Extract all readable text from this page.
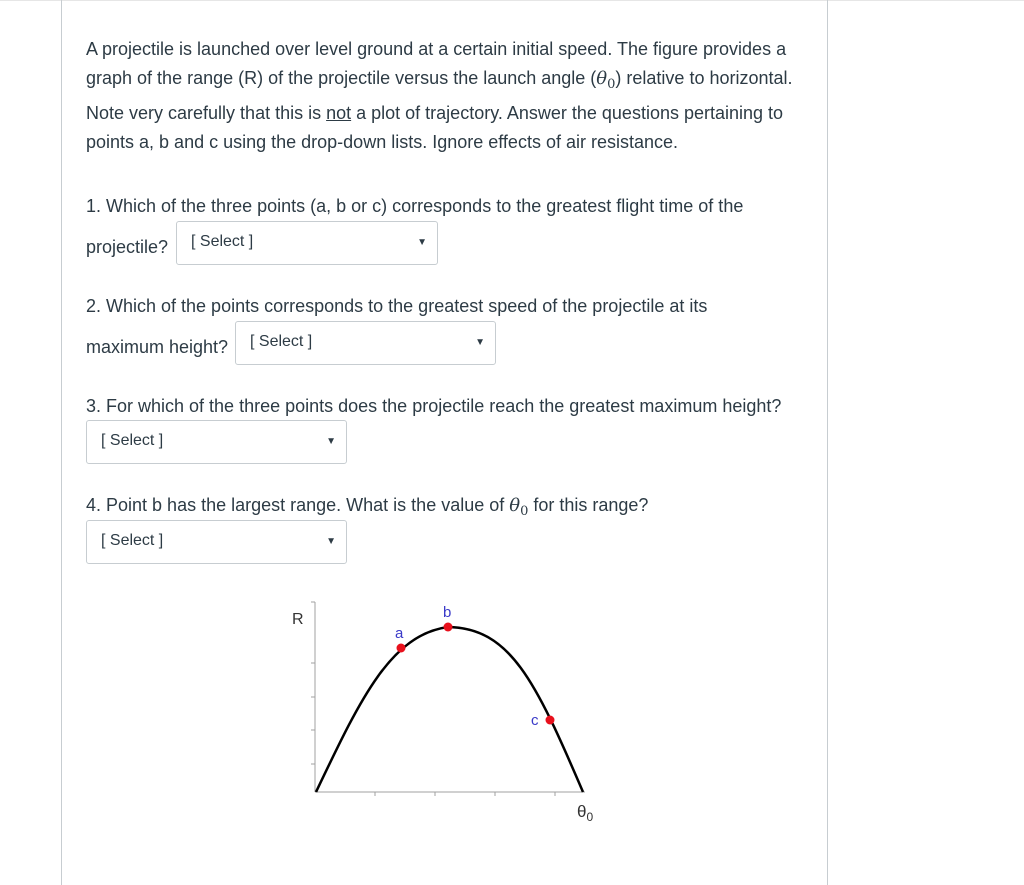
A projectile is launched over level ground at a certain initial speed. The figure provides a graph of the range (R) of the projectile versus the launch angle $(\theta_0)$ relative to horizontal. Note very carefully that this is not a plot of trajectory. Answer the questions pertaining to points a, b and c using the drop-down lists. Ignore effects of air resistance.
1. Which of the three points (a, b or c) corresponds to the greatest flight time of the
projectile? [ Select ]	▼
2. Which of the points corresponds to the greatest speed of the projectile at its
maximum height? [ Select ]	▼
3. For which of the three points does the projectile reach the greatest maximum height?
[ Select ]	▼
4. Point b has the largest range. What is the value of $\theta_0$ for this range?
[ Select ]	▼
R
a
b
c
$\theta_0$
